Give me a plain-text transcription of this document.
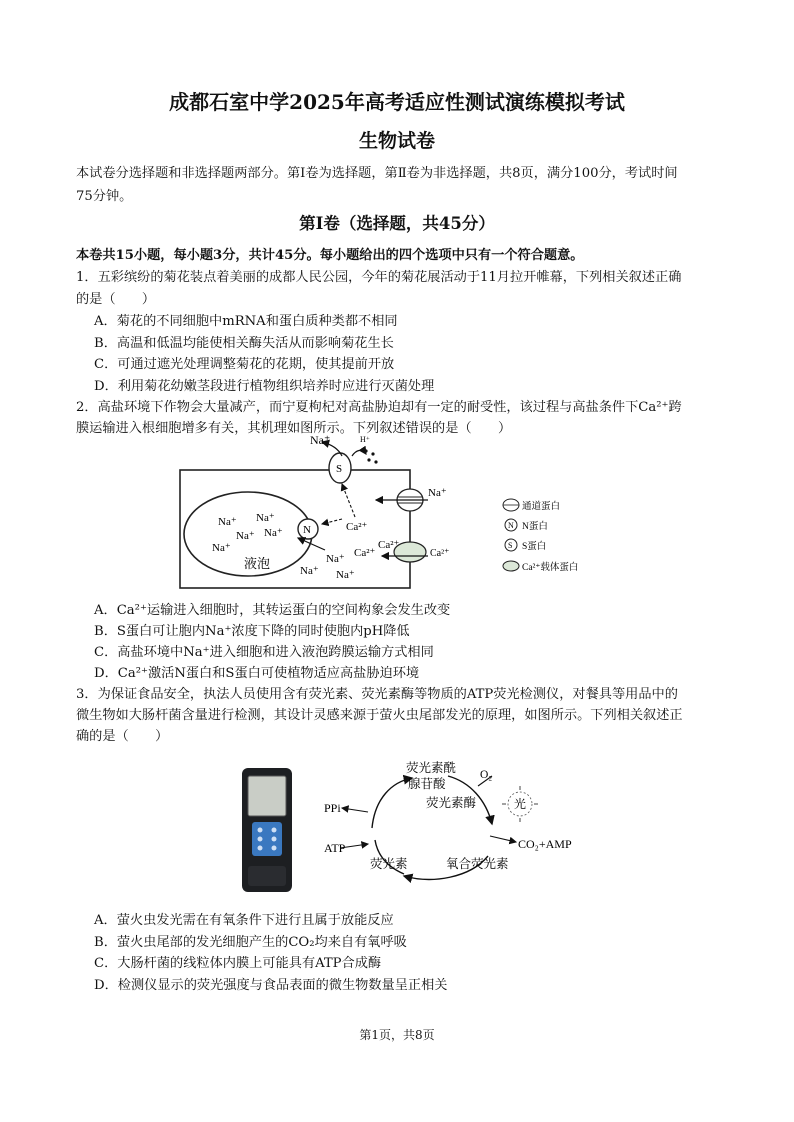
成都石室中学2025年高考适应性测试演练模拟考试
生物试卷
本试卷分选择题和非选择题两部分。第Ⅰ卷为选择题，第Ⅱ卷为非选择题，共8页，满分100分，考试时间
75分钟。
第Ⅰ卷（选择题，共45分）
本卷共15小题，每小题3分，共计45分。每小题给出的四个选项中只有一个符合题意。
1．五彩缤纷的菊花装点着美丽的成都人民公园，今年的菊花展活动于11月拉开帷幕，下列相关叙述正确
的是（　　）
A．菊花的不同细胞中mRNA和蛋白质种类都不相同
B．高温和低温均能使相关酶失活从而影响菊花生长
C．可通过遮光处理调整菊花的花期，使其提前开放
D．利用菊花幼嫩茎段进行植物组织培养时应进行灭菌处理
2．高盐环境下作物会大量减产，而宁夏枸杞对高盐胁迫却有一定的耐受性，该过程与高盐条件下Ca²⁺跨
膜运输进入根细胞增多有关，其机理如图所示。下列叙述错误的是（　　）
液泡
Na⁺ Na⁺
Na⁺ Na⁺
Na⁺
N
Na⁺
Na⁺
Na⁺
Ca²⁺
S
Na⁺	H⁺
Na⁺
Ca²⁺
Ca²⁺
Ca²⁺
通道蛋白
N N蛋白
S S蛋白
Ca²⁺载体蛋白
A．Ca²⁺运输进入细胞时，其转运蛋白的空间构象会发生改变
B．S蛋白可让胞内Na⁺浓度下降的同时使胞内pH降低
C．高盐环境中Na⁺进入细胞和进入液泡跨膜运输方式相同
D．Ca²⁺激活N蛋白和S蛋白可使植物适应高盐胁迫环境
3．为保证食品安全，执法人员使用含有荧光素、荧光素酶等物质的ATP荧光检测仪，对餐具等用品中的
微生物如大肠杆菌含量进行检测，其设计灵感来源于萤火虫尾部发光的原理，如图所示。下列相关叙述正
确的是（　　）
荧光素酰
腺苷酸
O₂
荧光素酶	光
PPi
ATP
荧光素
CO₂+AMP
氧合荧光素
A．萤火虫发光需在有氧条件下进行且属于放能反应
B．萤火虫尾部的发光细胞产生的CO₂均来自有氧呼吸
C．大肠杆菌的线粒体内膜上可能具有ATP合成酶
D．检测仪显示的荧光强度与食品表面的微生物数量呈正相关
第1页，共8页
